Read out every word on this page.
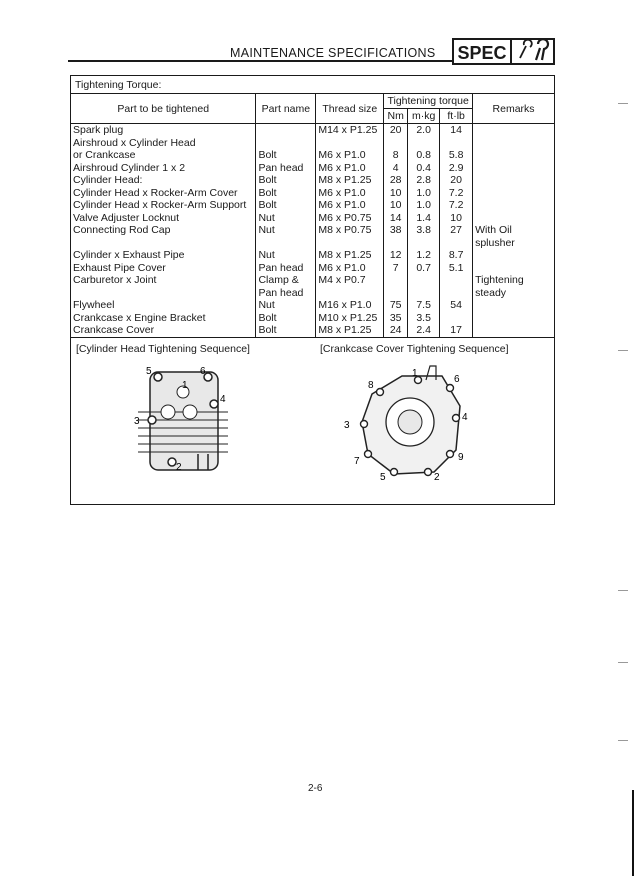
MAINTENANCE SPECIFICATIONS	SPEC
Tightening Torque:
Part to be tightened	Part name	Thread size	Tightening torque			Remarks
			Nm	m·kg	ft·lb	
Spark plug		M14 x P1.25	20	2.0	14	
Airshroud x Cylinder Head						
or Crankcase	Bolt	M6 x P1.0	8	0.8	5.8	
Airshroud Cylinder 1 x 2	Pan head	M6 x P1.0	4	0.4	2.9	
Cylinder Head:	Bolt	M8 x P1.25	28	2.8	20	
Cylinder Head x Rocker-Arm Cover	Bolt	M6 x P1.0	10	1.0	7.2	
Cylinder Head x Rocker-Arm Support	Bolt	M6 x P1.0	10	1.0	7.2	
Valve Adjuster Locknut	Nut	M6 x P0.75	14	1.4	10	
Connecting Rod Cap	Nut	M8 x P0.75	38	3.8	27	With Oil splusher
Cylinder x Exhaust Pipe	Nut	M8 x P1.25	12	1.2	8.7	
Exhaust Pipe Cover	Pan head	M6 x P1.0	7	0.7	5.1	
Carburetor x Joint	Clamp & Pan head	M4 x P0.7				Tightening steady
Flywheel	Nut	M16 x P1.0	75	7.5	54	
Crankcase x Engine Bracket	Bolt	M10 x P1.25	35	3.5		
Crankcase Cover	Bolt	M8 x P1.25	24	2.4	17	
[Cylinder Head Tightening Sequence]	[Crankcase Cover Tightening Sequence]
5	6
1
3
4
2
8
1
6
3
4
7	9
5	2
2-6
